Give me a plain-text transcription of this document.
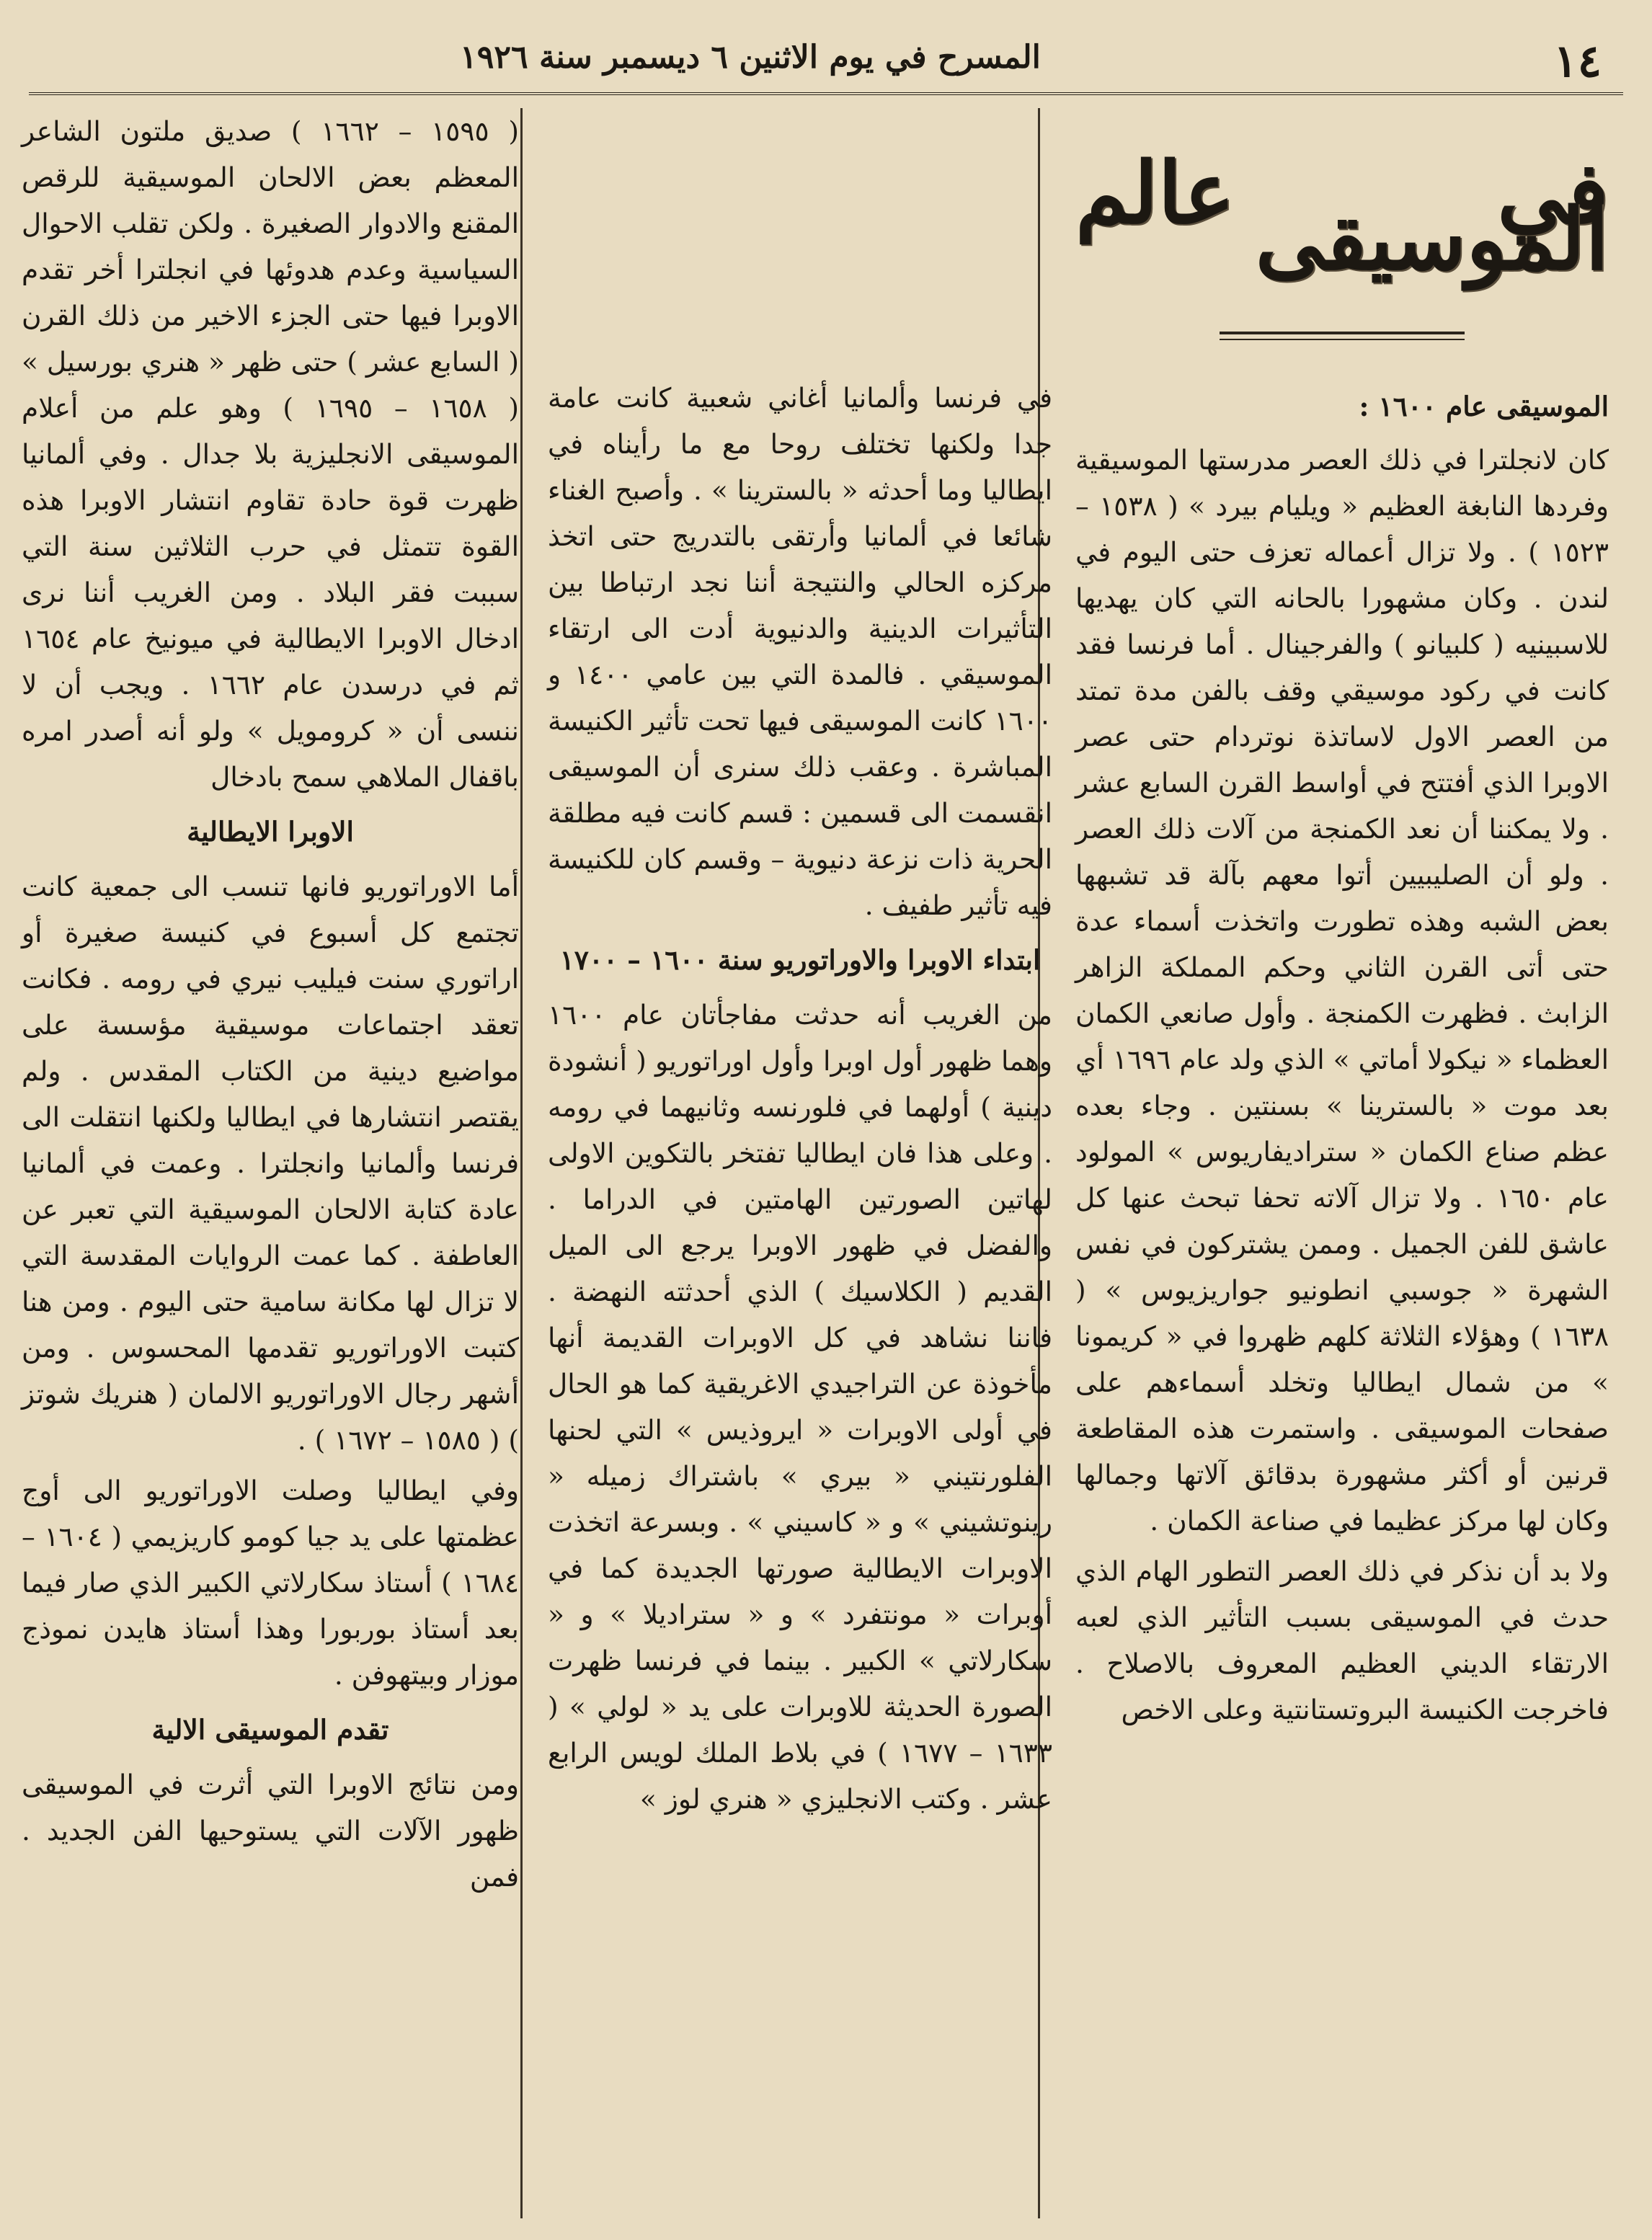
١٤
المسرح في يوم الاثنين ٦ ديسمبر سنة ١٩٢٦
في عالم الموسيقى
الموسيقى عام ١٦٠٠ :

كان لانجلترا في ذلك العصر مدرستها الموسيقية وفردها النابغة العظيم « ويليام بيرد » ( ١٥٣٨ – ١٥٢٣ ) . ولا تزال أعماله تعزف حتى اليوم في لندن . وكان مشهورا بالحانه التي كان يهديها للاسبينيه ( كلبيانو ) والفرجينال . أما فرنسا فقد كانت في ركود موسيقي وقف بالفن مدة تمتد من العصر الاول لاساتذة نوتردام حتى عصر الاوبرا الذي أفتتح في أواسط القرن السابع عشر . ولا يمكننا أن نعد الكمنجة من آلات ذلك العصر . ولو أن الصليبيين أتوا معهم بآلة قد تشبهها بعض الشبه وهذه تطورت واتخذت أسماء عدة حتى أتى القرن الثاني وحكم المملكة الزاهر الزابث . فظهرت الكمنجة . وأول صانعي الكمان العظماء « نيكولا أماتي » الذي ولد عام ١٦٩٦ أي بعد موت « بالسترينا » بسنتين . وجاء بعده عظم صناع الكمان « ستراديفاريوس » المولود عام ١٦٥٠ . ولا تزال آلاته تحفا تبحث عنها كل عاشق للفن الجميل . وممن يشتركون في نفس الشهرة « جوسبي انطونيو جواريزيوس » ( ١٦٣٨ ) وهؤلاء الثلاثة كلهم ظهروا في « كريمونا » من شمال ايطاليا وتخلد أسماءهم على صفحات الموسيقى . واستمرت هذه المقاطعة قرنين أو أكثر مشهورة بدقائق آلاتها وجمالها وكان لها مركز عظيما في صناعة الكمان .

ولا بد أن نذكر في ذلك العصر التطور الهام الذي حدث في الموسيقى بسبب التأثير الذي لعبه الارتقاء الديني العظيم المعروف بالاصلاح . فاخرجت الكنيسة البروتستانتية وعلى الاخص

في فرنسا وألمانيا أغاني شعبية كانت عامة جدا ولكنها تختلف روحا مع ما رأيناه في ايطاليا وما أحدثه « بالسترينا » . وأصبح الغناء شائعا في ألمانيا وأرتقى بالتدريج حتى اتخذ مركزه الحالي والنتيجة أننا نجد ارتباطا بين التأثيرات الدينية والدنيوية أدت الى ارتقاء الموسيقي . فالمدة التي بين عامي ١٤٠٠ و ١٦٠٠ كانت الموسيقى فيها تحت تأثير الكنيسة المباشرة . وعقب ذلك سنرى أن الموسيقى انقسمت الى قسمين : قسم كانت فيه مطلقة الحرية ذات نزعة دنيوية – وقسم كان للكنيسة فيه تأثير طفيف .

ابتداء الاوبرا والاوراتوريو سنة ١٦٠٠ – ١٧٠٠

من الغريب أنه حدثت مفاجأتان عام ١٦٠٠ وهما ظهور أول اوبرا وأول اوراتوريو ( أنشودة دينية ) أولهما في فلورنسه وثانيهما في رومه . وعلى هذا فان ايطاليا تفتخر بالتكوين الاولى لهاتين الصورتين الهامتين في الدراما . والفضل في ظهور الاوبرا يرجع الى الميل القديم ( الكلاسيك ) الذي أحدثته النهضة . فاننا نشاهد في كل الاوبرات القديمة أنها مأخوذة عن التراجيدي الاغريقية كما هو الحال في أولى الاوبرات « ايروذيس » التي لحنها الفلورنتيني « بيري » باشتراك زميله « رينوتشيني » و « كاسيني » . وبسرعة اتخذت الاوبرات الايطالية صورتها الجديدة كما في أوبرات « مونتفرد » و « ستراديلا » و « سكارلاتي » الكبير . بينما في فرنسا ظهرت الصورة الحديثة للاوبرات على يد « لولي » ( ١٦٣٣ – ١٦٧٧ ) في بلاط الملك لويس الرابع عشر . وكتب الانجليزي « هنري لوز »

( ١٥٩٥ – ١٦٦٢ ) صديق ملتون الشاعر المعظم بعض الالحان الموسيقية للرقص المقنع والادوار الصغيرة . ولكن تقلب الاحوال السياسية وعدم هدوئها في انجلترا أخر تقدم الاوبرا فيها حتى الجزء الاخير من ذلك القرن ( السابع عشر ) حتى ظهر « هنري بورسيل » ( ١٦٥٨ – ١٦٩٥ ) وهو علم من أعلام الموسيقى الانجليزية بلا جدال . وفي ألمانيا ظهرت قوة حادة تقاوم انتشار الاوبرا هذه القوة تتمثل في حرب الثلاثين سنة التي سببت فقر البلاد . ومن الغريب أننا نرى ادخال الاوبرا الايطالية في ميونيخ عام ١٦٥٤ ثم في درسدن عام ١٦٦٢ . ويجب أن لا ننسى أن « كرومويل » ولو أنه أصدر امره باقفال الملاهي سمح بادخال

الاوبرا الايطالية

أما الاوراتوريو فانها تنسب الى جمعية كانت تجتمع كل أسبوع في كنيسة صغيرة أو اراتوري سنت فيليب نيري في رومه . فكانت تعقد اجتماعات موسيقية مؤسسة على مواضيع دينية من الكتاب المقدس . ولم يقتصر انتشارها في ايطاليا ولكنها انتقلت الى فرنسا وألمانيا وانجلترا . وعمت في ألمانيا عادة كتابة الالحان الموسيقية التي تعبر عن العاطفة . كما عمت الروايات المقدسة التي لا تزال لها مكانة سامية حتى اليوم . ومن هنا كتبت الاوراتوريو تقدمها المحسوس . ومن أشهر رجال الاوراتوريو الالمان ( هنريك شوتز ) ( ١٥٨٥ – ١٦٧٢ ) .

وفي ايطاليا وصلت الاوراتوريو الى أوج عظمتها على يد جيا كومو كاريزيمي ( ١٦٠٤ – ١٦٨٤ ) أستاذ سكارلاتي الكبير الذي صار فيما بعد أستاذ بوربورا وهذا أستاذ هايدن نموذج موزار وبيتهوفن .

تقدم الموسيقى الالية

ومن نتائج الاوبرا التي أثرت في الموسيقى ظهور الآلات التي يستوحيها الفن الجديد . فمن
